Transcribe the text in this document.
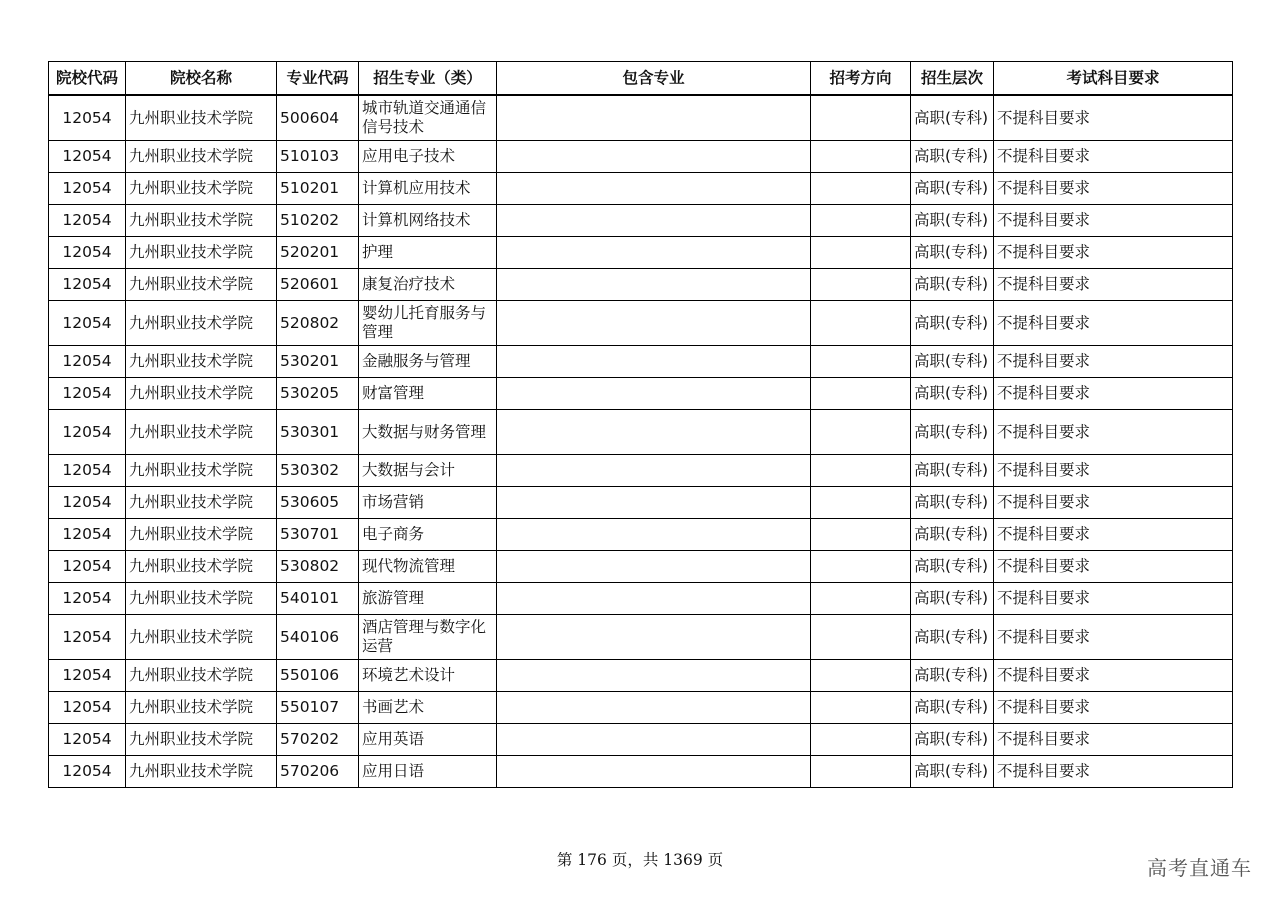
院校代码	院校名称	专业代码	招生专业（类）	包含专业	招考方向	招生层次	考试科目要求
12054	九州职业技术学院	500604	城市轨道交通通信信号技术			高职(专科)	不提科目要求
12054	九州职业技术学院	510103	应用电子技术			高职(专科)	不提科目要求
12054	九州职业技术学院	510201	计算机应用技术			高职(专科)	不提科目要求
12054	九州职业技术学院	510202	计算机网络技术			高职(专科)	不提科目要求
12054	九州职业技术学院	520201	护理			高职(专科)	不提科目要求
12054	九州职业技术学院	520601	康复治疗技术			高职(专科)	不提科目要求
12054	九州职业技术学院	520802	婴幼儿托育服务与管理			高职(专科)	不提科目要求
12054	九州职业技术学院	530201	金融服务与管理			高职(专科)	不提科目要求
12054	九州职业技术学院	530205	财富管理			高职(专科)	不提科目要求
12054	九州职业技术学院	530301	大数据与财务管理			高职(专科)	不提科目要求
12054	九州职业技术学院	530302	大数据与会计			高职(专科)	不提科目要求
12054	九州职业技术学院	530605	市场营销			高职(专科)	不提科目要求
12054	九州职业技术学院	530701	电子商务			高职(专科)	不提科目要求
12054	九州职业技术学院	530802	现代物流管理			高职(专科)	不提科目要求
12054	九州职业技术学院	540101	旅游管理			高职(专科)	不提科目要求
12054	九州职业技术学院	540106	酒店管理与数字化运营			高职(专科)	不提科目要求
12054	九州职业技术学院	550106	环境艺术设计			高职(专科)	不提科目要求
12054	九州职业技术学院	550107	书画艺术			高职(专科)	不提科目要求
12054	九州职业技术学院	570202	应用英语			高职(专科)	不提科目要求
12054	九州职业技术学院	570206	应用日语			高职(专科)	不提科目要求
第 176 页，共 1369 页	高考直通车
